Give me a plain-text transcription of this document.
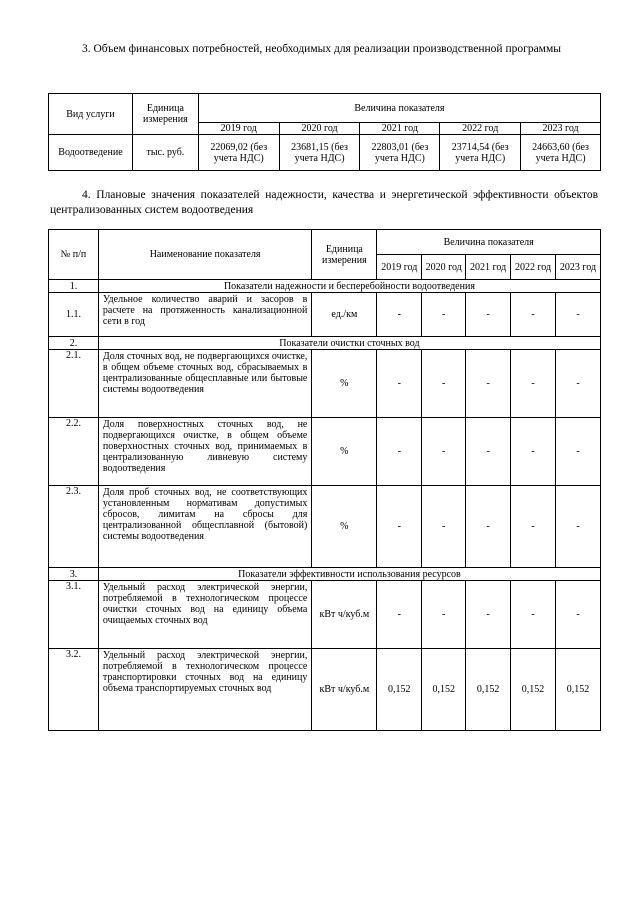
3. Объем финансовых потребностей, необходимых для реализации производственной программы
Вид услуги	Единица измерения	Величина показателя				
		2019 год	2020 год	2021 год	2022 год	2023 год
Водоотведение	тыс. руб.	22069,02 (без учета НДС)	23681,15 (без учета НДС)	22803,01 (без учета НДС)	23714,54 (без учета НДС)	24663,60 (без учета НДС)
4. Плановые значения показателей надежности, качества и энергетической эффективности объектов централизованных систем водоотведения
№ п/п	Наименование показателя	Единица измерения	Величина показателя				
			2019 год	2020 год	2021 год	2022 год	2023 год
1.	Показатели надежности и бесперебойности водоотведения						
1.1.	Удельное количество аварий и засоров в расчете на протяженность канализационной сети в год	ед./км	-	-	-	-	-
2.	Показатели очистки сточных вод						
2.1.	Доля сточных вод, не подвергающихся очистке, в общем объеме сточных вод, сбрасываемых в централизованные общесплавные или бытовые системы водоотведения	%	-	-	-	-	-
2.2.	Доля поверхностных сточных вод, не подвергающихся очистке, в общем объеме поверхностных сточных вод, принимаемых в централизованную ливневую систему водоотведения	%	-	-	-	-	-
2.3.	Доля проб сточных вод, не соответствующих установленным нормативам допустимых сбросов, лимитам на сбросы для централизованной общесплавной (бытовой) системы водоотведения	%	-	-	-	-	-
3.	Показатели эффективности использования ресурсов						
3.1.	Удельный расход электрической энергии, потребляемой в технологическом процессе очистки сточных вод на единицу объема очищаемых сточных вод	кВт ч/куб.м	-	-	-	-	-
3.2.	Удельный расход электрической энергии, потребляемой в технологическом процессе транспортировки сточных вод на единицу объема транспортируемых сточных вод	кВт ч/куб.м	0,152	0,152	0,152	0,152	0,152
